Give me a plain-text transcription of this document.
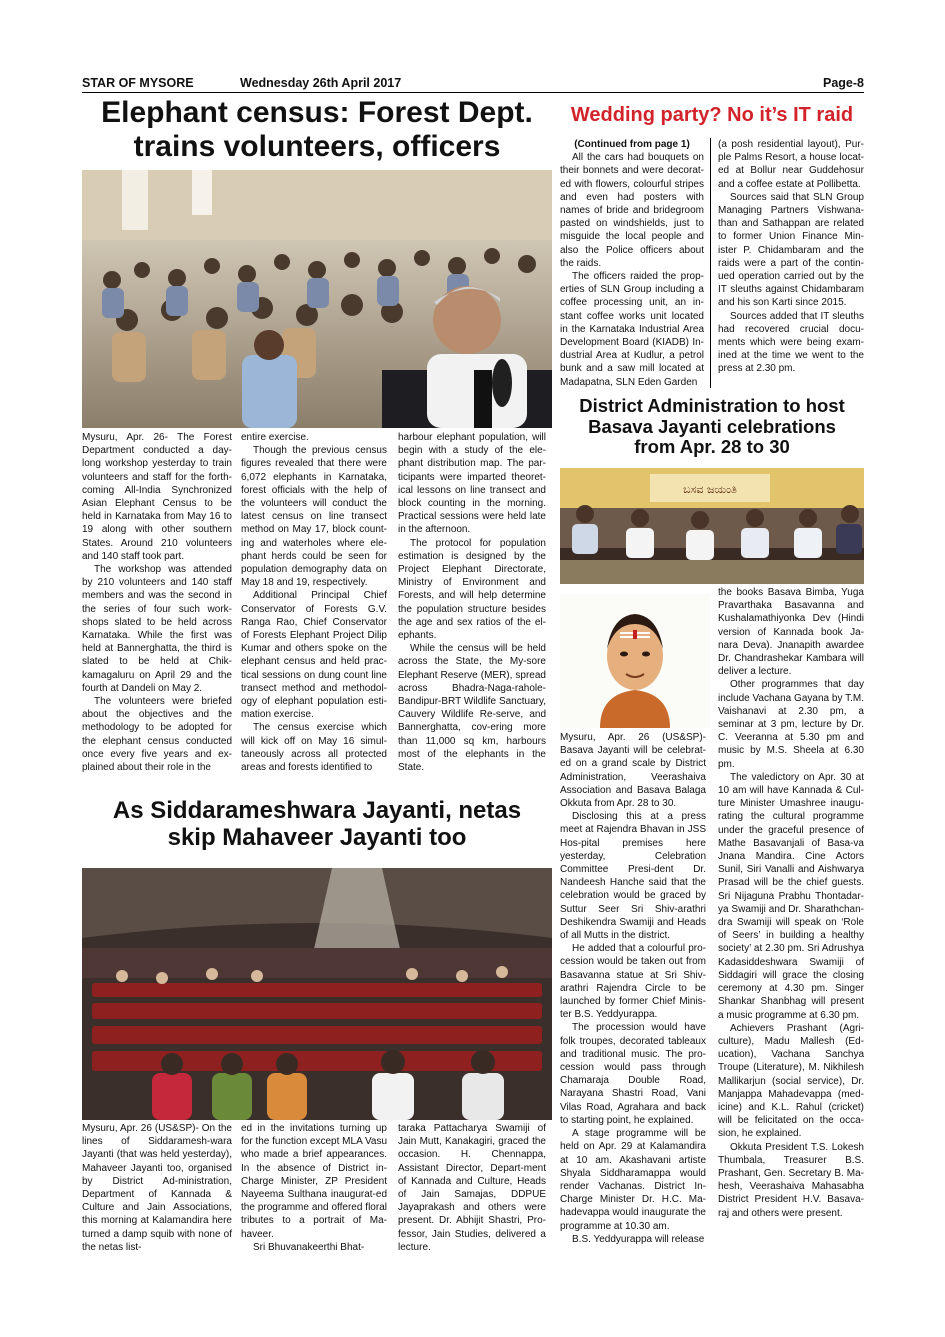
STAR OF MYSORE	Wednesday 26th April 2017	Page-8
Elephant census: Forest Dept.
trains volunteers, officers

Mysuru, Apr. 26- The Forest Department conducted a day-long workshop yesterday to train volunteers and staff for the forth-coming All-India Synchronized Asian Elephant Census to be held in Karnataka from May 16 to 19 along with other southern States. Around 210 volunteers and 140 staff took part.

The workshop was attended by 210 volunteers and 140 staff members and was the second in the series of four such work-shops slated to be held across Karnataka. While the first was held at Bannerghatta, the third is slated to be held at Chik-kamagaluru on April 29 and the fourth at Dandeli on May 2.

The volunteers were briefed about the objectives and the methodology to be adopted for the elephant census conducted once every five years and ex-plained about their role in the

entire exercise.

Though the previous census figures revealed that there were 6,072 elephants in Karnataka, forest officials with the help of the volunteers will conduct the latest census on line transect method on May 17, block count-ing and waterholes where ele-phant herds could be seen for population demography data on May 18 and 19, respectively.

Additional Principal Chief Conservator of Forests G.V. Ranga Rao, Chief Conservator of Forests Elephant Project Dilip Kumar and others spoke on the elephant census and held prac-tical sessions on dung count line transect method and methodol-ogy of elephant population esti-mation exercise.

The census exercise which will kick off on May 16 simul-taneously across all protected areas and forests identified to

harbour elephant population, will begin with a study of the ele-phant distribution map. The par-ticipants were imparted theoret-ical lessons on line transect and block counting in the morning. Practical sessions were held late in the afternoon.

The protocol for population estimation is designed by the Project Elephant Directorate, Ministry of Environment and Forests, and will help determine the population structure besides the age and sex ratios of the el-ephants.

While the census will be held across the State, the My-sore Elephant Reserve (MER), spread across Bhadra-Naga-rahole-Bandipur-BRT Wildlife Sanctuary, Cauvery Wildlife Re-serve, and Bannerghatta, cov-ering more than 11,000 sq km, harbours most of the elephants in the State.

As Siddarameshwara Jayanti, netas
skip Mahaveer Jayanti too

Mysuru, Apr. 26 (US&SP)- On the lines of Siddaramesh-wara Jayanti (that was held yesterday), Mahaveer Jayanti too, organised by District Ad-ministration, Department of Kannada & Culture and Jain Associations, this morning at Kalamandira here turned a damp squib with none of the netas list-

ed in the invitations turning up for the function except MLA Vasu who made a brief appearances. In the absence of District in-Charge Minister, ZP President Nayeema Sulthana inaugurat-ed the programme and offered floral tributes to a portrait of Ma-haveer.

Sri Bhuvanakeerthi Bhat-

taraka Pattacharya Swamiji of Jain Mutt, Kanakagiri, graced the occasion. H. Chennappa, Assistant Director, Depart-ment of Kannada and Culture, Heads of Jain Samajas, DDPUE Jayaprakash and others were present. Dr. Abhijit Shastri, Pro-fessor, Jain Studies, delivered a lecture.

Wedding party? No it’s IT raid
(Continued from page 1)

All the cars had bouquets on their bonnets and were decorat-ed with flowers, colourful stripes and even had posters with names of bride and bridegroom pasted on windshields, just to misguide the local people and also the Police officers about the raids.

The officers raided the prop-erties of SLN Group including a coffee processing unit, an in-stant coffee works unit located in the Karnataka Industrial Area Development Board (KIADB) In-dustrial Area at Kudlur, a petrol bunk and a saw mill located at Madapatna, SLN Eden Garden

(a posh residential layout), Pur-ple Palms Resort, a house locat-ed at Bollur near Guddehosur and a coffee estate at Pollibetta.

Sources said that SLN Group Managing Partners Vishwana-than and Sathappan are related to former Union Finance Min-ister P. Chidambaram and the raids were a part of the contin-ued operation carried out by the IT sleuths against Chidambaram and his son Karti since 2015.

Sources added that IT sleuths had recovered crucial docu-ments which were being exam-ined at the time we went to the press at 2.30 pm.

District Administration to host
Basava Jayanti celebrations
from Apr. 28 to 30
ಬಸವ ಜಯಂತಿ

Mysuru, Apr. 26 (US&SP)- Basava Jayanti will be celebrat-ed on a grand scale by District Administration, Veerashaiva Association and Basava Balaga Okkuta from Apr. 28 to 30.

Disclosing this at a press meet at Rajendra Bhavan in JSS Hos-pital premises here yesterday, Celebration Committee Presi-dent Dr. Nandeesh Hanche said that the celebration would be graced by Suttur Seer Sri Shiv-arathri Deshikendra Swamiji and Heads of all Mutts in the district.

He added that a colourful pro-cession would be taken out from Basavanna statue at Sri Shiv-arathri Rajendra Circle to be launched by former Chief Minis-ter B.S. Yeddyurappa.

The procession would have folk troupes, decorated tableaux and traditional music. The pro-cession would pass through Chamaraja Double Road, Narayana Shastri Road, Vani Vilas Road, Agrahara and back to starting point, he explained.

A stage programme will be held on Apr. 29 at Kalamandira at 10 am. Akashavani artiste Shyala Siddharamappa would render Vachanas. District In-Charge Minister Dr. H.C. Ma-hadevappa would inaugurate the programme at 10.30 am.

B.S. Yeddyurappa will release

the books Basava Bimba, Yuga Pravarthaka Basavanna and Kushalamathiyonka Dev (Hindi version of Kannada book Ja-nara Deva). Jnanapith awardee Dr. Chandrashekar Kambara will deliver a lecture.

Other programmes that day include Vachana Gayana by T.M. Vaishanavi at 2.30 pm, a seminar at 3 pm, lecture by Dr. C. Veeranna at 5.30 pm and music by M.S. Sheela at 6.30 pm.

The valedictory on Apr. 30 at 10 am will have Kannada & Cul-ture Minister Umashree inaugu-rating the cultural programme under the graceful presence of Mathe Basavanjali of Basa-va Jnana Mandira. Cine Actors Sunil, Siri Vanalli and Aishwarya Prasad will be the chief guests. Sri Nijaguna Prabhu Thontadar-ya Swamiji and Dr. Sharathchan-dra Swamiji will speak on ‘Role of Seers’ in building a healthy society’ at 2.30 pm. Sri Adrushya Kadasiddeshwara Swamiji of Siddagiri will grace the closing ceremony at 4.30 pm. Singer Shankar Shanbhag will present a music programme at 6.30 pm.

Achievers Prashant (Agri-culture), Madu Mallesh (Ed-ucation), Vachana Sanchya Troupe (Literature), M. Nikhilesh Mallikarjun (social service), Dr. Manjappa Mahadevappa (med-icine) and K.L. Rahul (cricket) will be felicitated on the occa-sion, he explained.

Okkuta President T.S. Lokesh Thumbala, Treasurer B.S. Prashant, Gen. Secretary B. Ma-hesh, Veerashaiva Mahasabha District President H.V. Basava-raj and others were present.
